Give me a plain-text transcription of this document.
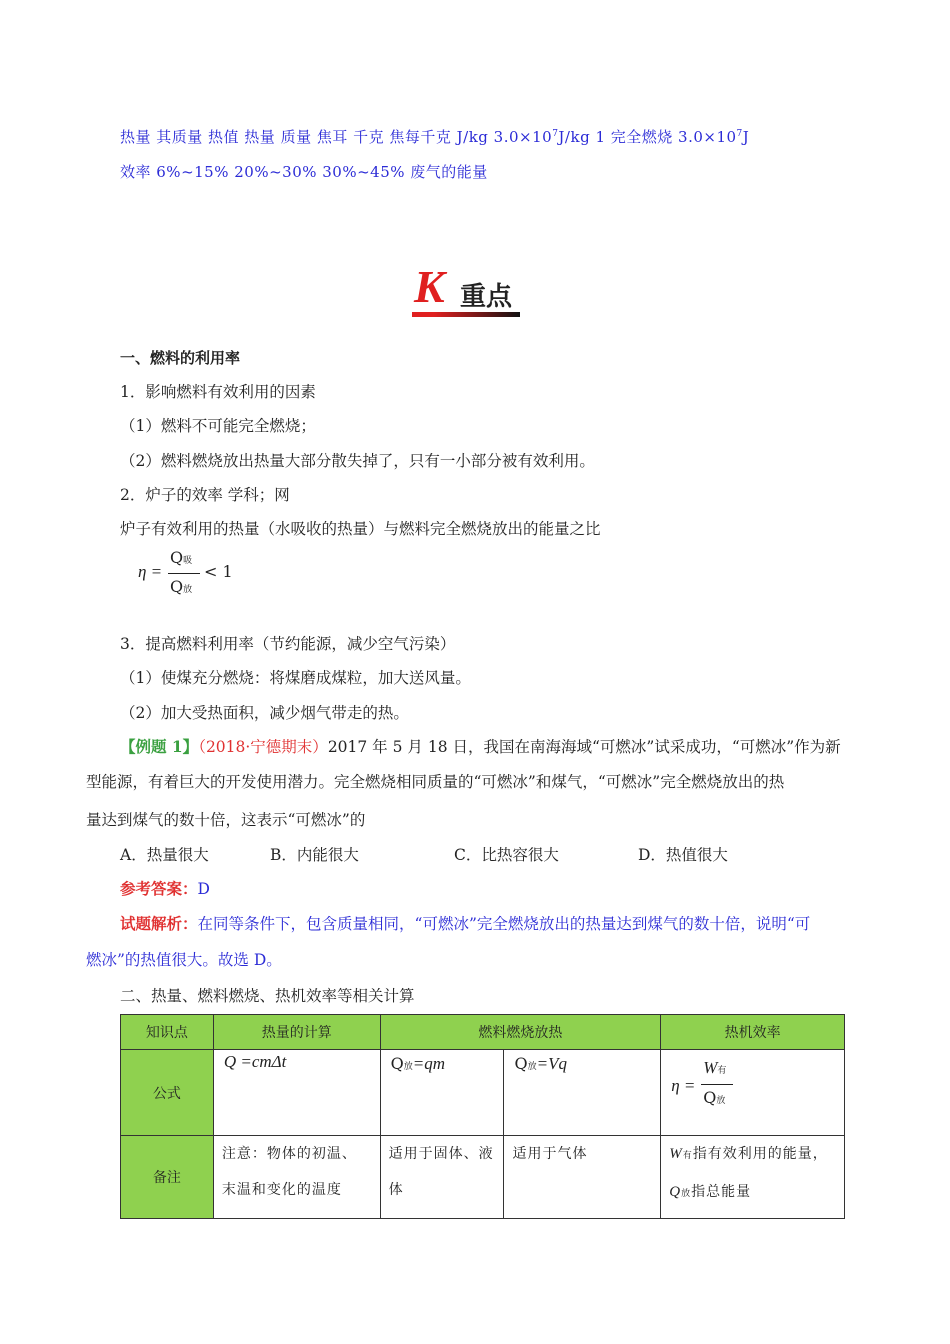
热量 其质量 热值 热量 质量 焦耳 千克 焦每千克 J/kg $3.0\times 10^7J/kg$ 1 完全燃烧 $3.0\times 10^7J$
效率 6%~15% 20%~30% 30%~45% 废气的能量
K 重点
一、燃料的利用率
1．影响燃料有效利用的因素
（1）燃料不可能完全燃烧；
（2）燃料燃烧放出热量大部分散失掉了，只有一小部分被有效利用。
2．炉子的效率 学科；网
炉子有效利用的热量（水吸收的热量）与燃料完全燃烧放出的能量之比
η =
Q吸
Q放
< 1
3．提高燃料利用率（节约能源，减少空气污染）
（1）使煤充分燃烧：将煤磨成煤粒，加大送风量。
（2）加大受热面积，减少烟气带走的热。
【例题 1】（2018·宁德期末）2017 年 5 月 18 日，我国在南海海域“可燃冰”试采成功，“可燃冰”作为新
型能源，有着巨大的开发使用潜力。完全燃烧相同质量的“可燃冰”和煤气，“可燃冰”完全燃烧放出的热
量达到煤气的数十倍，这表示“可燃冰”的
A．热量很大	B．内能很大	C．比热容很大	D．热值很大
参考答案：D
试题解析：在同等条件下，包含质量相同，“可燃冰”完全燃烧放出的热量达到煤气的数十倍，说明“可
燃冰”的热值很大。故选 D。
二、热量、燃料燃烧、热机效率等相关计算
知识点	热量的计算	燃料燃烧放热		热机效率
公式	Q =cmΔt	Q放=qm	Q放=Vq	η =
W有
Q放

备注	注意：物体的初温、末温和变化的温度	适用于固体、液体	适用于气体	W有指有效利用的能量，Q放指总能量
